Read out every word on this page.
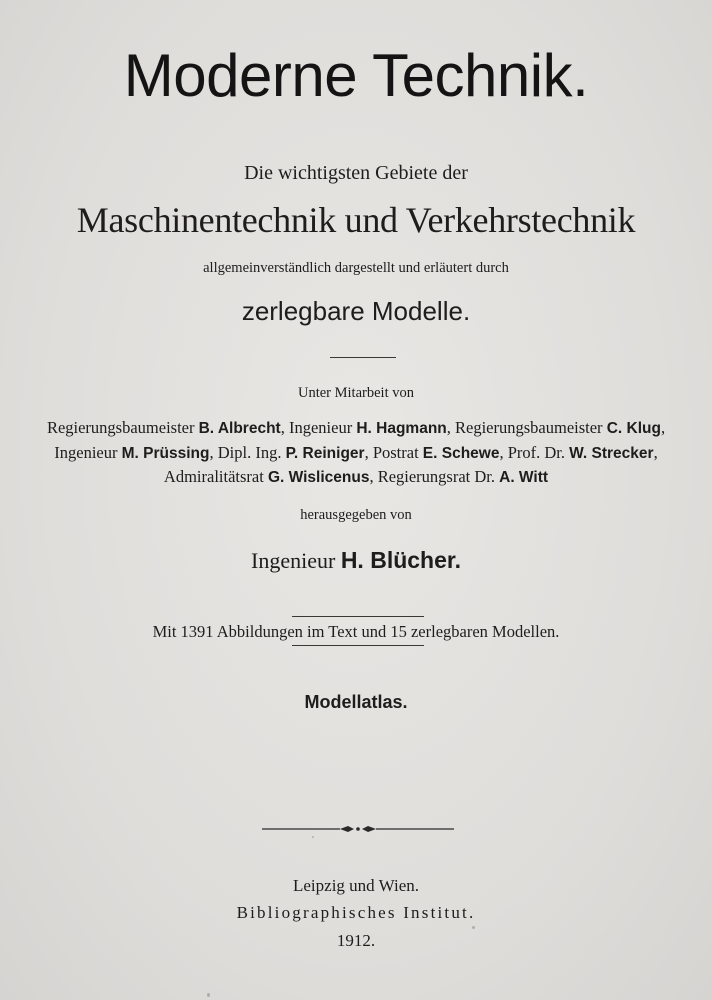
Moderne Technik.

Die wichtigsten Gebiete der

Maschinentechnik und Verkehrstechnik

allgemeinverständlich dargestellt und erläutert durch

zerlegbare Modelle.

Unter Mitarbeit von

Regierungsbaumeister B. Albrecht, Ingenieur H. Hagmann, Regierungsbaumeister C. Klug,

Ingenieur M. Prüssing, Dipl. Ing. P. Reiniger, Postrat E. Schewe, Prof. Dr. W. Strecker,

Admiralitätsrat G. Wislicenus, Regierungsrat Dr. A. Witt

herausgegeben von

Ingenieur H. Blücher.

Mit 1391 Abbildungen im Text und 15 zerlegbaren Modellen.

Modellatlas.

Leipzig und Wien.

Bibliographisches Institut.

1912.
